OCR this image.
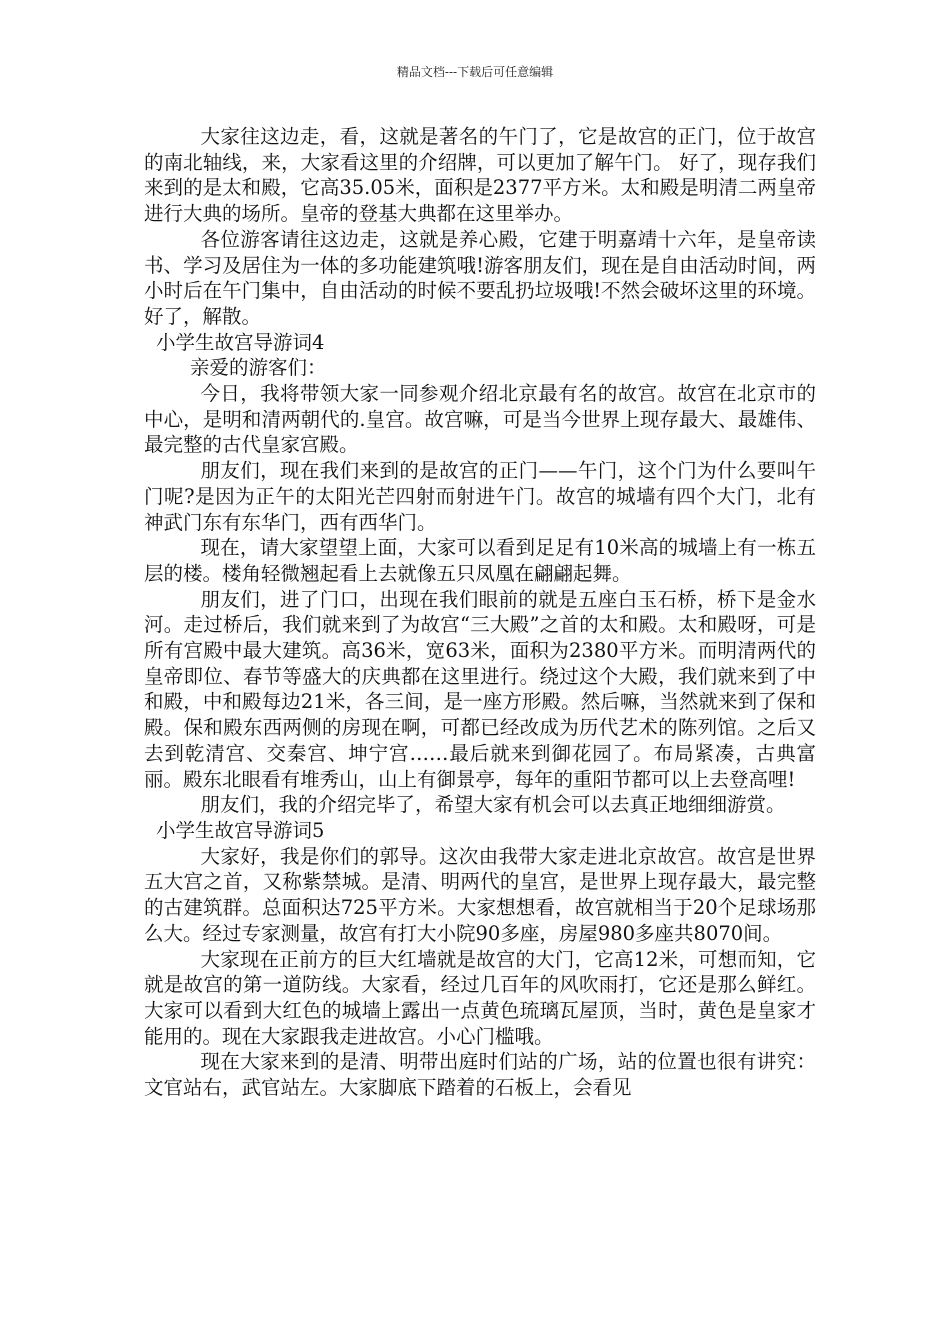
精品文档---下载后可任意编辑

大家往这边走，看，这就是著名的午门了，它是故宫的正门，位于故宫的南北轴线，来，大家看这里的介绍牌，可以更加了解午门。 好了，现存我们来到的是太和殿，它高35.05米，面积是2377平方米。太和殿是明清二两皇帝进行大典的场所。皇帝的登基大典都在这里举办。

各位游客请往这边走，这就是养心殿，它建于明嘉靖十六年，是皇帝读书、学习及居住为一体的多功能建筑哦!游客朋友们，现在是自由活动时间，两小时后在午门集中，自由活动的时候不要乱扔垃圾哦!不然会破坏这里的环境。好了，解散。

小学生故宫导游词4

亲爱的游客们：

今日，我将带领大家一同参观介绍北京最有名的故宫。故宫在北京市的中心，是明和清两朝代的.皇宫。故宫嘛，可是当今世界上现存最大、最雄伟、最完整的古代皇家宫殿。

朋友们，现在我们来到的是故宫的正门——午门，这个门为什么要叫午门呢?是因为正午的太阳光芒四射而射进午门。故宫的城墙有四个大门，北有神武门东有东华门，西有西华门。

现在，请大家望望上面，大家可以看到足足有10米高的城墙上有一栋五层的楼。楼角轻微翘起看上去就像五只凤凰在翩翩起舞。

朋友们，进了门口，出现在我们眼前的就是五座白玉石桥，桥下是金水河。走过桥后，我们就来到了为故宫“三大殿”之首的太和殿。太和殿呀，可是所有宫殿中最大建筑。高36米，宽63米，面积为2380平方米。而明清两代的皇帝即位、春节等盛大的庆典都在这里进行。绕过这个大殿，我们就来到了中和殿，中和殿每边21米，各三间，是一座方形殿。然后嘛，当然就来到了保和殿。保和殿东西两侧的房现在啊，可都已经改成为历代艺术的陈列馆。之后又去到乾清宫、交秦宫、坤宁宫……最后就来到御花园了。布局紧凑，古典富丽。殿东北眼看有堆秀山，山上有御景亭，每年的重阳节都可以上去登高哩!

朋友们，我的介绍完毕了，希望大家有机会可以去真正地细细游赏。

小学生故宫导游词5

大家好，我是你们的郭导。这次由我带大家走进北京故宫。故宫是世界五大宫之首，又称紫禁城。是清、明两代的皇宫，是世界上现存最大，最完整的古建筑群。总面积达725平方米。大家想想看，故宫就相当于20个足球场那么大。经过专家测量，故宫有打大小院90多座，房屋980多座共8070间。

大家现在正前方的巨大红墙就是故宫的大门，它高12米，可想而知，它就是故宫的第一道防线。大家看，经过几百年的风吹雨打，它还是那么鲜红。大家可以看到大红色的城墙上露出一点黄色琉璃瓦屋顶，当时，黄色是皇家才能用的。现在大家跟我走进故宫。小心门槛哦。

现在大家来到的是清、明带出庭时们站的广场，站的位置也很有讲究：文官站右，武官站左。大家脚底下踏着的石板上，会看见
